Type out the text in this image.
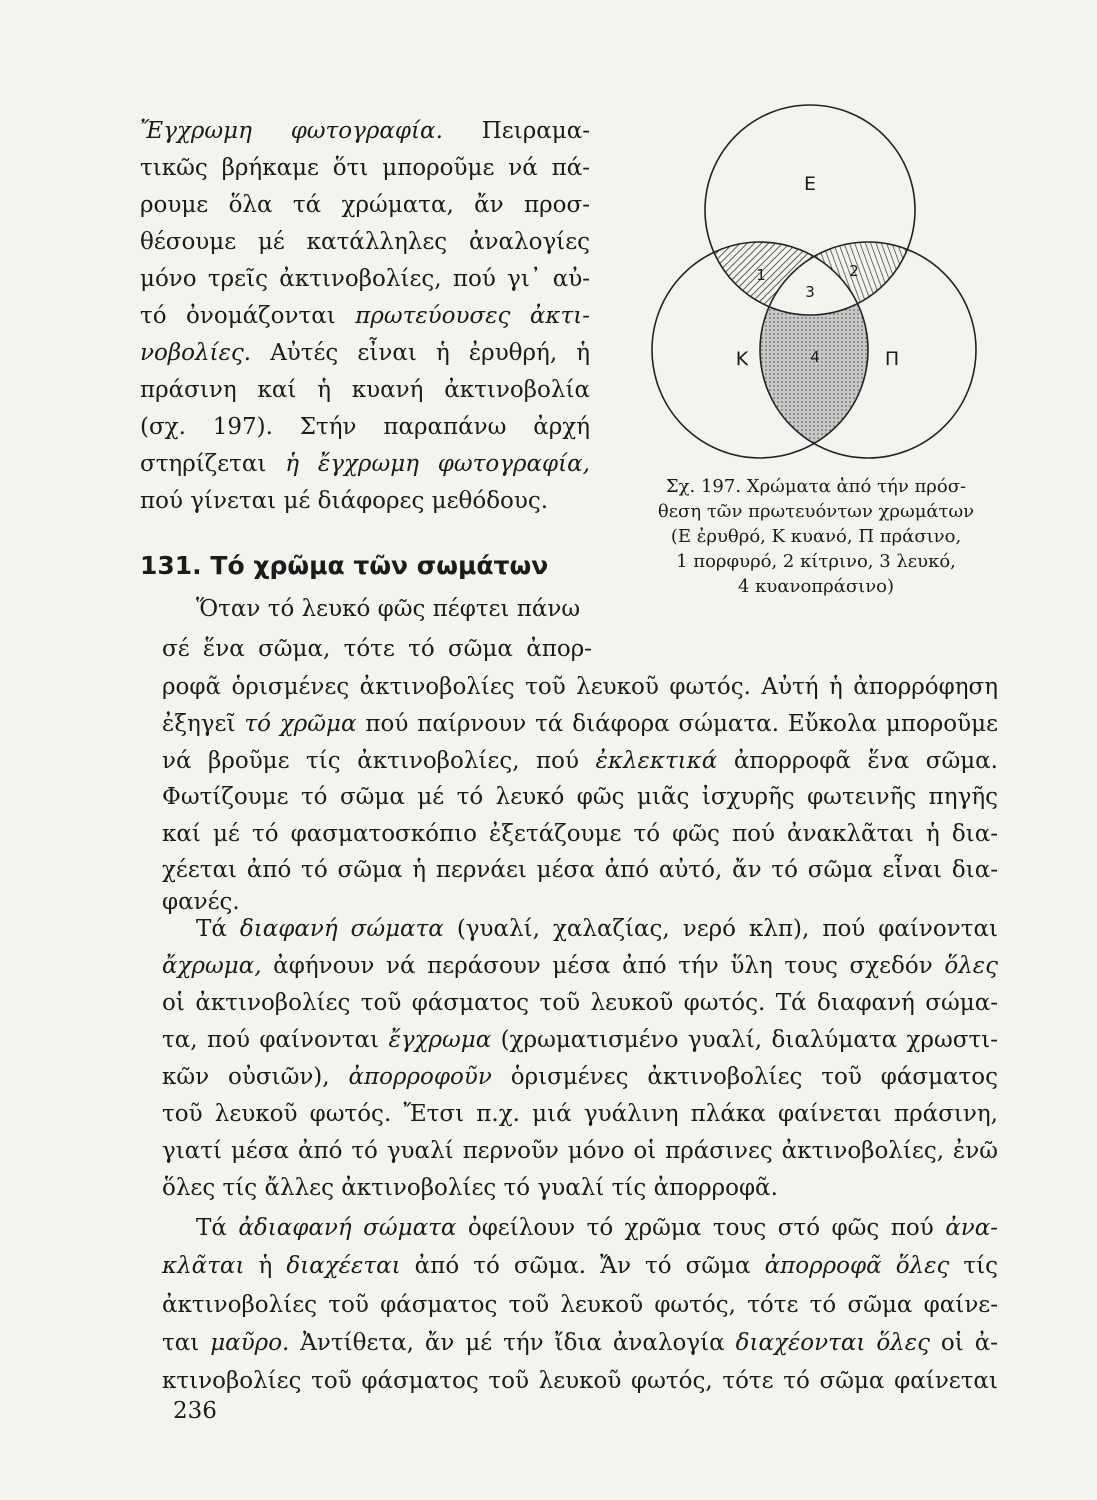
Ἔγχρωμη φωτογραφία. Πειραμα-
τικῶς βρήκαμε ὅτι μποροῦμε νά πά-
ρουμε ὅλα τά χρώματα, ἄν προσ-
θέσουμε μέ κατάλληλες ἀναλογίες
μόνο τρεῖς ἀκτινοβολίες, πού γι᾿ αὐ-
τό ὀνομάζονται πρωτεύουσες ἀκτι-
νοβολίες. Αὐτές εἶναι ἡ ἐρυθρή, ἡ
πράσινη καί ἡ κυανή ἀκτινοβολία
(σχ. 197). Στήν παραπάνω ἀρχή
στηρίζεται ἡ ἔγχρωμη φωτογραφία,
πού γίνεται μέ διάφορες μεθόδους.
Ε
Κ	Π
1	2
3
4
Σχ. 197. Χρώματα ἀπό τήν πρόσ-
θεση τῶν πρωτευόντων χρωμάτων
(Ε ἐρυθρό, Κ κυανό, Π πράσινο,
1 πορφυρό, 2 κίτρινο, 3 λευκό,
4 κυανοπράσινο)
131. Τό χρῶμα τῶν σωμάτων
Ὅταν τό λευκό φῶς πέφτει πάνω
σέ ἕνα σῶμα, τότε τό σῶμα ἀπορ-
ροφᾶ ὁρισμένες ἀκτινοβολίες τοῦ λευκοῦ φωτός. Αὐτή ἡ ἀπορρόφηση
ἐξηγεῖ τό χρῶμα πού παίρνουν τά διάφορα σώματα. Εὔκολα μποροῦμε
νά βροῦμε τίς ἀκτινοβολίες, πού ἐκλεκτικά ἀπορροφᾶ ἕνα σῶμα.
Φωτίζουμε τό σῶμα μέ τό λευκό φῶς μιᾶς ἰσχυρῆς φωτεινῆς πηγῆς
καί μέ τό φασματοσκόπιο ἐξετάζουμε τό φῶς πού ἀνακλᾶται ἡ δια-
χέεται ἀπό τό σῶμα ἡ περνάει μέσα ἀπό αὐτό, ἄν τό σῶμα εἶναι δια-
φανές.
Τά διαφανή σώματα (γυαλί, χαλαζίας, νερό κλπ), πού φαίνονται
ἄχρωμα, ἀφήνουν νά περάσουν μέσα ἀπό τήν ὕλη τους σχεδόν ὅλες
οἱ ἀκτινοβολίες τοῦ φάσματος τοῦ λευκοῦ φωτός. Τά διαφανή σώμα-
τα, πού φαίνονται ἔγχρωμα (χρωματισμένο γυαλί, διαλύματα χρωστι-
κῶν οὐσιῶν), ἀπορροφοῦν ὁρισμένες ἀκτινοβολίες τοῦ φάσματος
τοῦ λευκοῦ φωτός. Ἔτσι π.χ. μιά γυάλινη πλάκα φαίνεται πράσινη,
γιατί μέσα ἀπό τό γυαλί περνοῦν μόνο οἱ πράσινες ἀκτινοβολίες, ἐνῶ
ὅλες τίς ἄλλες ἀκτινοβολίες τό γυαλί τίς ἀπορροφᾶ.
Τά ἀδιαφανή σώματα ὀφείλουν τό χρῶμα τους στό φῶς πού ἀνα-
κλᾶται ἡ διαχέεται ἀπό τό σῶμα. Ἄν τό σῶμα ἀπορροφᾶ ὅλες τίς
ἀκτινοβολίες τοῦ φάσματος τοῦ λευκοῦ φωτός, τότε τό σῶμα φαίνε-
ται μαῦρο. Ἀντίθετα, ἄν μέ τήν ἴδια ἀναλογία διαχέονται ὅλες οἱ ἀ-
κτινοβολίες τοῦ φάσματος τοῦ λευκοῦ φωτός, τότε τό σῶμα φαίνεται
236
